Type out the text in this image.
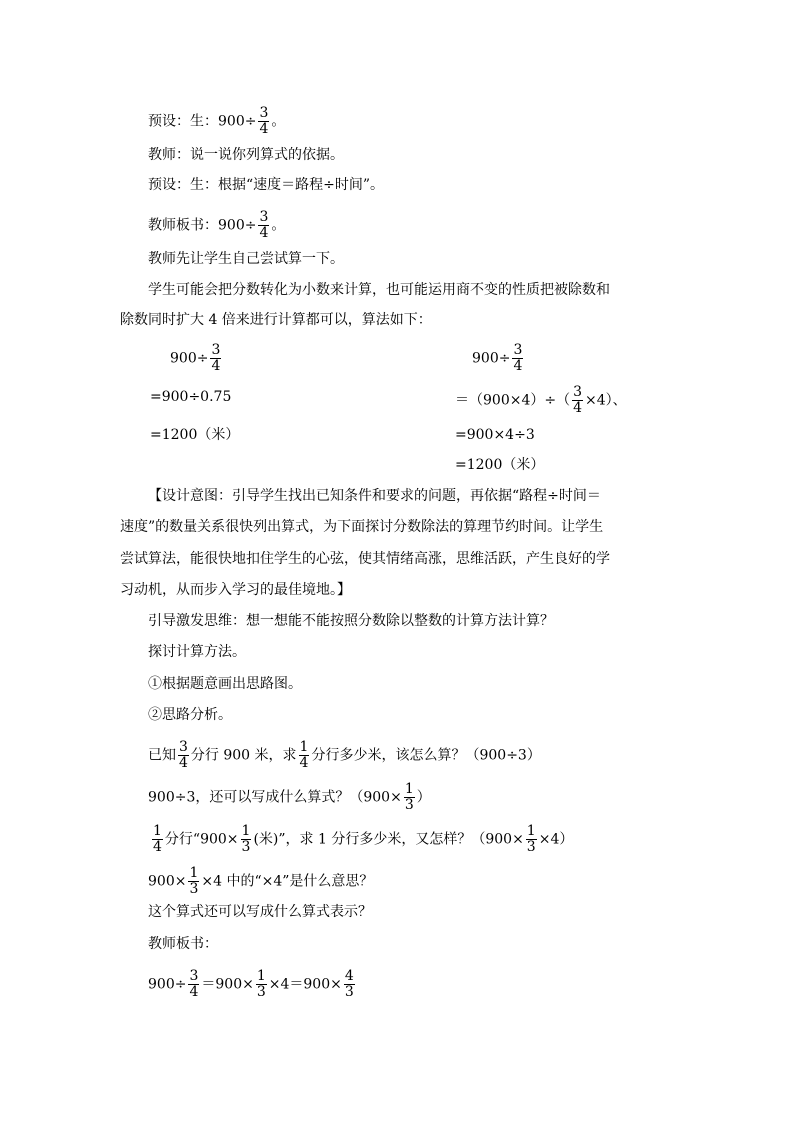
预设：生：$900\div \frac{3}{4}$ 。
教师：说一说你列算式的依据。
预设：生：根据“速度＝路程÷时间”。
教师板书：$900\div \frac{3}{4}$ 。
教师先让学生自己尝试算一下。
学生可能会把分数转化为小数来计算，也可能运用商不变的性质把被除数和
除数同时扩大 4 倍来进行计算都可以，算法如下：
$900\div \frac{3}{4}$
=900÷0.75
=1200（米）
$900\div \frac{3}{4}$
$=(900\times 4)\div( \frac{3}{4} \times 4)$、
=900×4÷3
=1200（米）
【设计意图：引导学生找出已知条件和要求的问题，再依据“路程÷时间＝
速度”的数量关系很快列出算式，为下面探讨分数除法的算理节约时间。让学生
尝试算法，能很快地扣住学生的心弦，使其情绪高涨，思维活跃，产生良好的学
习动机，从而步入学习的最佳境地。】
引导激发思维：想一想能不能按照分数除以整数的计算方法计算？
探讨计算方法。
①根据题意画出思路图。
②思路分析。
已知 $\frac{3}{4}$ 分行 900 米，求 $\frac{1}{4}$ 分行多少米，该怎么算？（900÷3）
900÷3，还可以写成什么算式？（$900\times \frac{1}{3}$ ）
$\frac{1}{4}$ 分行“$900\times \frac{1}{3}$ (米)”，求 1 分行多少米，又怎样？$(900\times \frac{1}{3} \times 4)$
$900\times \frac{1}{3} \times 4$ 中的“×4”是什么意思？
这个算式还可以写成什么算式表示？
教师板书：
$900\div \frac{3}{4} =900\times \frac{1}{3} \times 4=900\times \frac{4}{3}$
